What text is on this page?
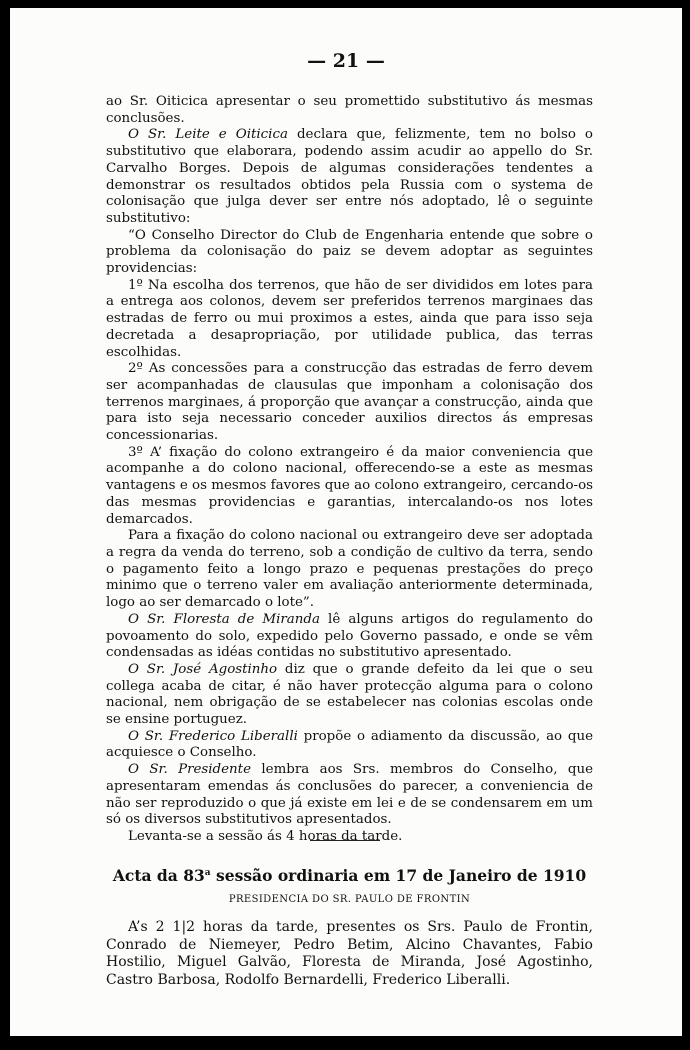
— 21 —

ao Sr. Oiticica apresentar o seu promettido substitutivo ás mesmas conclusões.

O Sr. Leite e Oiticica declara que, felizmente, tem no bolso o substitutivo que elaborara, podendo assim acudir ao appello do Sr. Carvalho Borges. Depois de algumas considerações tendentes a demonstrar os resultados obtidos pela Russia com o systema de colonisação que julga dever ser entre nós adoptado, lê o seguinte substitutivo:

“O Conselho Director do Club de Engenharia entende que sobre o problema da colonisação do paiz se devem adoptar as seguintes providencias:

1º Na escolha dos terrenos, que hão de ser divididos em lotes para a entrega aos colonos, devem ser preferidos terrenos marginaes das estradas de ferro ou mui proximos a estes, ainda que para isso seja decretada a desapropriação, por utilidade publica, das terras escolhidas.

2º As concessões para a construcção das estradas de ferro devem ser acompanhadas de clausulas que imponham a colonisação dos terrenos marginaes, á proporção que avançar a construcção, ainda que para isto seja necessario conceder auxilios directos ás empresas concessionarias.

3º A’ fixação do colono extrangeiro é da maior conveniencia que acompanhe a do colono nacional, offerecendo-se a este as mesmas vantagens e os mesmos favores que ao colono extrangeiro, cercando-os das mesmas providencias e garantias, intercalando-os nos lotes demarcados.

Para a fixação do colono nacional ou extrangeiro deve ser adoptada a regra da venda do terreno, sob a condição de cultivo da terra, sendo o pagamento feito a longo prazo e pequenas prestações do preço minimo que o terreno valer em avaliação anteriormente determinada, logo ao ser demarcado o lote”.

O Sr. Floresta de Miranda lê alguns artigos do regulamento do povoamento do solo, expedido pelo Governo passado, e onde se vêm condensadas as idéas contidas no substitutivo apresentado.

O Sr. José Agostinho diz que o grande defeito da lei que o seu collega acaba de citar, é não haver protecção alguma para o colono nacional, nem obrigação de se estabelecer nas colonias escolas onde se ensine portuguez.

O Sr. Frederico Liberalli propõe o adiamento da discussão, ao que acquiesce o Conselho.

O Sr. Presidente lembra aos Srs. membros do Conselho, que apresentaram emendas ás conclusões do parecer, a conveniencia de não ser reproduzido o que já existe em lei e de se condensarem em um só os diversos substitutivos apresentados.

Levanta-se a sessão ás 4 horas da tarde.

Acta da 83$^a$ sessão ordinaria em 17 de Janeiro de 1910
PRESIDENCIA DO SR. PAULO DE FRONTIN

A’s 2 1|2 horas da tarde, presentes os Srs. Paulo de Frontin, Conrado de Niemeyer, Pedro Betim, Alcino Chavantes, Fabio Hostilio, Miguel Galvão, Floresta de Miranda, José Agostinho, Castro Barbosa, Rodolfo Bernardelli, Frederico Liberalli.
